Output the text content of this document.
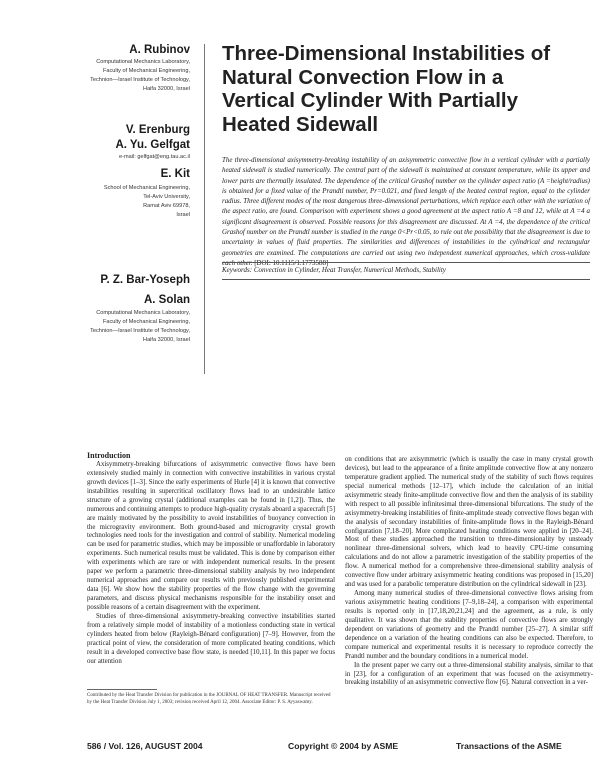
A. Rubinov
Computational Mechanics Laboratory,
Faculty of Mechanical Engineering,
Technion—Israel Institute of Technology,
Haifa 32000, Israel
V. Erenburg
A. Yu. Gelfgat
e-mail: gelfgat@eng.tau.ac.il
E. Kit
School of Mechanical Engineering,
Tel-Aviv University,
Ramat Aviv 69978,
Israel
P. Z. Bar-Yoseph
A. Solan
Computational Mechanics Laboratory,
Faculty of Mechanical Engineering,
Technion—Israel Institute of Technology,
Haifa 32000, Israel
Three-Dimensional Instabilities of
Natural Convection Flow in a
Vertical Cylinder With Partially
Heated Sidewall
The three-dimensional axisymmetry-breaking instability of an axisymmetric convective flow in a vertical cylinder with a partially heated sidewall is studied numerically. The central part of the sidewall is maintained at constant temperature, while its upper and lower parts are thermally insulated. The dependence of the critical Grashof number on the cylinder aspect ratio (A =height/radius) is obtained for a fixed value of the Prandtl number, Pr=0.021, and fixed length of the heated central region, equal to the cylinder radius. Three different modes of the most dangerous three-dimensional perturbations, which replace each other with the variation of the aspect ratio, are found. Comparison with experiment shows a good agreement at the aspect ratio A =8 and 12, while at A =4 a significant disagreement is observed. Possible reasons for this disagreement are discussed. At A =4, the dependence of the critical Grashof number on the Prandtl number is studied in the range 0<Pr<0.05, to rule out the possibility that the disagreement is due to uncertainty in values of fluid properties. The similarities and differences of instabilities in the cylindrical and rectangular geometries are examined. The computations are carried out using two independent numerical approaches, which cross-validate
Keywords: Convection in Cylinder, Heat Transfer, Numerical Methods, Stability

Introduction

Axisymmetry-breaking bifurcations of axisymmetric convective flows have been extensively studied mainly in connection with convective instabilities in various crystal growth devices [1–3]. Since the early experiments of Hurle [4] it is known that convective instabilities resulting in supercritical oscillatory flows lead to an undesirable lattice structure of a growing crystal (additional examples can be found in [1,2]). Thus, the numerous and continuing attempts to produce high-quality crystals aboard a spacecraft [5] are mainly motivated by the possibility to avoid instabilities of buoyancy convection in the microgravity environment. Both ground-based and microgravity crystal growth technologies need tools for the investigation and control of stability. Numerical modeling can be used for parametric studies, which may be impossible or unaffordable in laboratory experiments. Such numerical results must be validated. This is done by comparison either with experiments which are rare or with independent numerical results. In the present paper we perform a parametric three-dimensional stability analysis by two independent numerical approaches and compare our results with previously published experimental data [6]. We show how the stability properties of the flow change with the governing parameters, and discuss physical mechanisms responsible for the instability onset and possible reasons of a certain disagreement with the experiment.

Studies of three-dimensional axisymmetry-breaking convective instabilities started from a relatively simple model of instability of a motionless conducting state in vertical cylinders heated from below (Rayleigh-Bénard configuration) [7–9]. However, from the practical point of view, the consideration of more complicated heating conditions, which result in a developed convective base flow state, is needed [10,11]. In this paper we focus our attention

Contributed by the Heat Transfer Division for publication in the JOURNAL OF HEAT TRANSFER. Manuscript received by the Heat Transfer Division July 1, 2003; revision received April 12, 2004. Associate Editor: P. S. Ayyaswamy.

on conditions that are axisymmetric (which is usually the case in many crystal growth devices), but lead to the appearance of a finite amplitude convective flow at any nonzero temperature gradient applied. The numerical study of the stability of such flows requires special numerical methods [12–17], which include the calculation of an initial axisymmetric steady finite-amplitude convective flow and then the analysis of its stability with respect to all possible infinitesimal three-dimensional bifurcations. The study of the axisymmetry-breaking instabilities of finite-amplitude steady convective flows began with the analysis of secondary instabilities of finite-amplitude flows in the Rayleigh-Bénard configuration [7,18–20]. More complicated heating conditions were applied in [20–24]. Most of these studies approached the transition to three-dimensionality by unsteady nonlinear three-dimensional solvers, which lead to heavily CPU-time consuming calculations and do not allow a parametric investigation of the stability properties of the flow. A numerical method for a comprehensive three-dimensional stability analysis of convective flow under arbitrary axisymmetric heating conditions was proposed in [15,20] and was used for a parabolic temperature distribution on the cylindrical sidewall in [23].

Among many numerical studies of three-dimensional convective flows arising from various axisymmetric heating conditions [7–9,18–24], a comparison with experimental results is reported only in [17,18,20,21,24] and the agreement, as a rule, is only qualitative. It was shown that the stability properties of convective flows are strongly dependent on variations of geometry and the Prandtl number [25–27]. A similar stiff dependence on a variation of the heating conditions can also be expected. Therefore, to compare numerical and experimental results it is necessary to reproduce correctly the Prandtl number and the boundary conditions in a numerical model.

In the present paper we carry out a three-dimensional stability analysis, similar to that in [23], for a configuration of an experiment that was focused on the axisymmetry-breaking instability of an axisymmetric convective flow [6]. Natural convection in a ver-

586 / Vol. 126, AUGUST 2004	Copyright © 2004 by ASME	Transactions of the ASME
